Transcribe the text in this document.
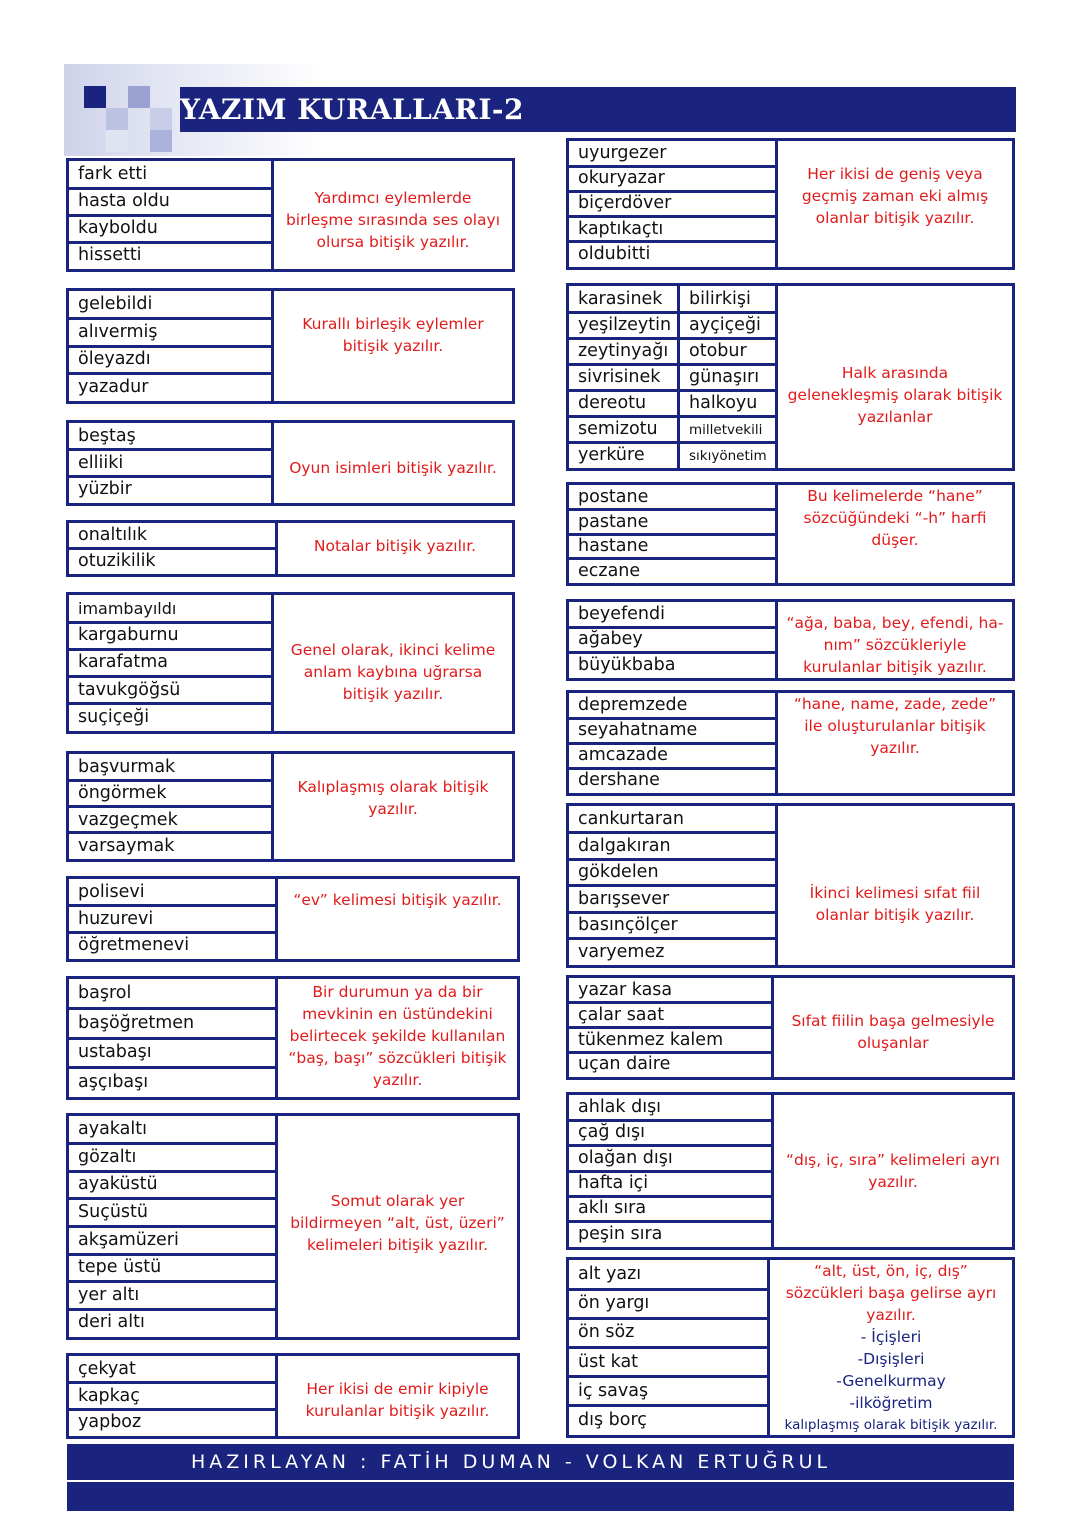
YAZIM KURALLARI-2
fark etti
hasta oldu
kayboldu
hissetti
Yardımcı eylemlerde birleşme sırasında ses olayı olursa bitişik yazılır.
gelebildi
alıvermiş
öleyazdı
yazadur
Kurallı birleşik eylemler bitişik yazılır.
beştaş
elliiki
yüzbir
Oyun isimleri bitişik yazılır.
onaltılık
otuzikilik
Notalar bitişik yazılır.
imambayıldı
kargaburnu
karafatma
tavukgöğsü
suçiçeği
Genel olarak, ikinci kelime anlam kaybına uğrarsa bitişik yazılır.
başvurmak
öngörmek
vazgeçmek
varsaymak
Kalıplaşmış olarak bitişik yazılır.
polisevi
huzurevi
öğretmenevi
“ev” kelimesi bitişik yazılır.
başrol
başöğretmen
ustabaşı
aşçıbaşı
Bir durumun ya da bir mevkinin en üstündekini belirtecek şekilde kullanılan “baş, başı” sözcükleri bitişik yazılır.
ayakaltı
gözaltı
ayaküstü
Suçüstü
akşamüzeri
tepe üstü
yer altı
deri altı
Somut olarak yer bildirmeyen “alt, üst, üzeri” kelimeleri bitişik yazılır.
çekyat
kapkaç
yapboz
Her ikisi de emir kipiyle kurulanlar bitişik yazılır.
uyurgezer
okuryazar
biçerdöver
kaptıkaçtı
oldubitti
Her ikisi de geniş veya geçmiş zaman eki almış olanlar bitişik yazılır.
karasinek
yeşilzeytin
zeytinyağı
sivrisinek
dereotu
semizotu
yerküre
bilirkişi
ayçiçeği
otobur
günaşırı
halkoyu
milletvekili
sıkıyönetim
Halk arasında gelenekleşmiş olarak bitişik yazılanlar
postane
pastane
hastane
eczane
Bu kelimelerde “hane” sözcüğündeki “-h” harfi düşer.
beyefendi
ağabey
büyükbaba
“ağa, baba, bey, efendi, ha-nım” sözcükleriyle kurulanlar bitişik yazılır.
depremzede
seyahatname
amcazade
dershane
“hane, name, zade, zede” ile oluşturulanlar bitişik yazılır.
cankurtaran
dalgakıran
gökdelen
barışsever
basınçölçer
varyemez
İkinci kelimesi sıfat fiil olanlar bitişik yazılır.
yazar kasa
çalar saat
tükenmez kalem
uçan daire
Sıfat fiilin başa gelmesiyle oluşanlar
ahlak dışı
çağ dışı
olağan dışı
hafta içi
aklı sıra
peşin sıra
“dış, iç, sıra” kelimeleri ayrı yazılır.
alt yazı
ön yargı
ön söz
üst kat
iç savaş
dış borç
“alt, üst, ön, iç, dış” sözcükleri başa gelirse ayrı yazılır.
- İçişleri
-Dışişleri
-Genelkurmay
-ilköğretim
kalıplaşmış olarak bitişik yazılır.
HAZIRLAYAN : FATİH DUMAN - VOLKAN ERTUĞRUL
